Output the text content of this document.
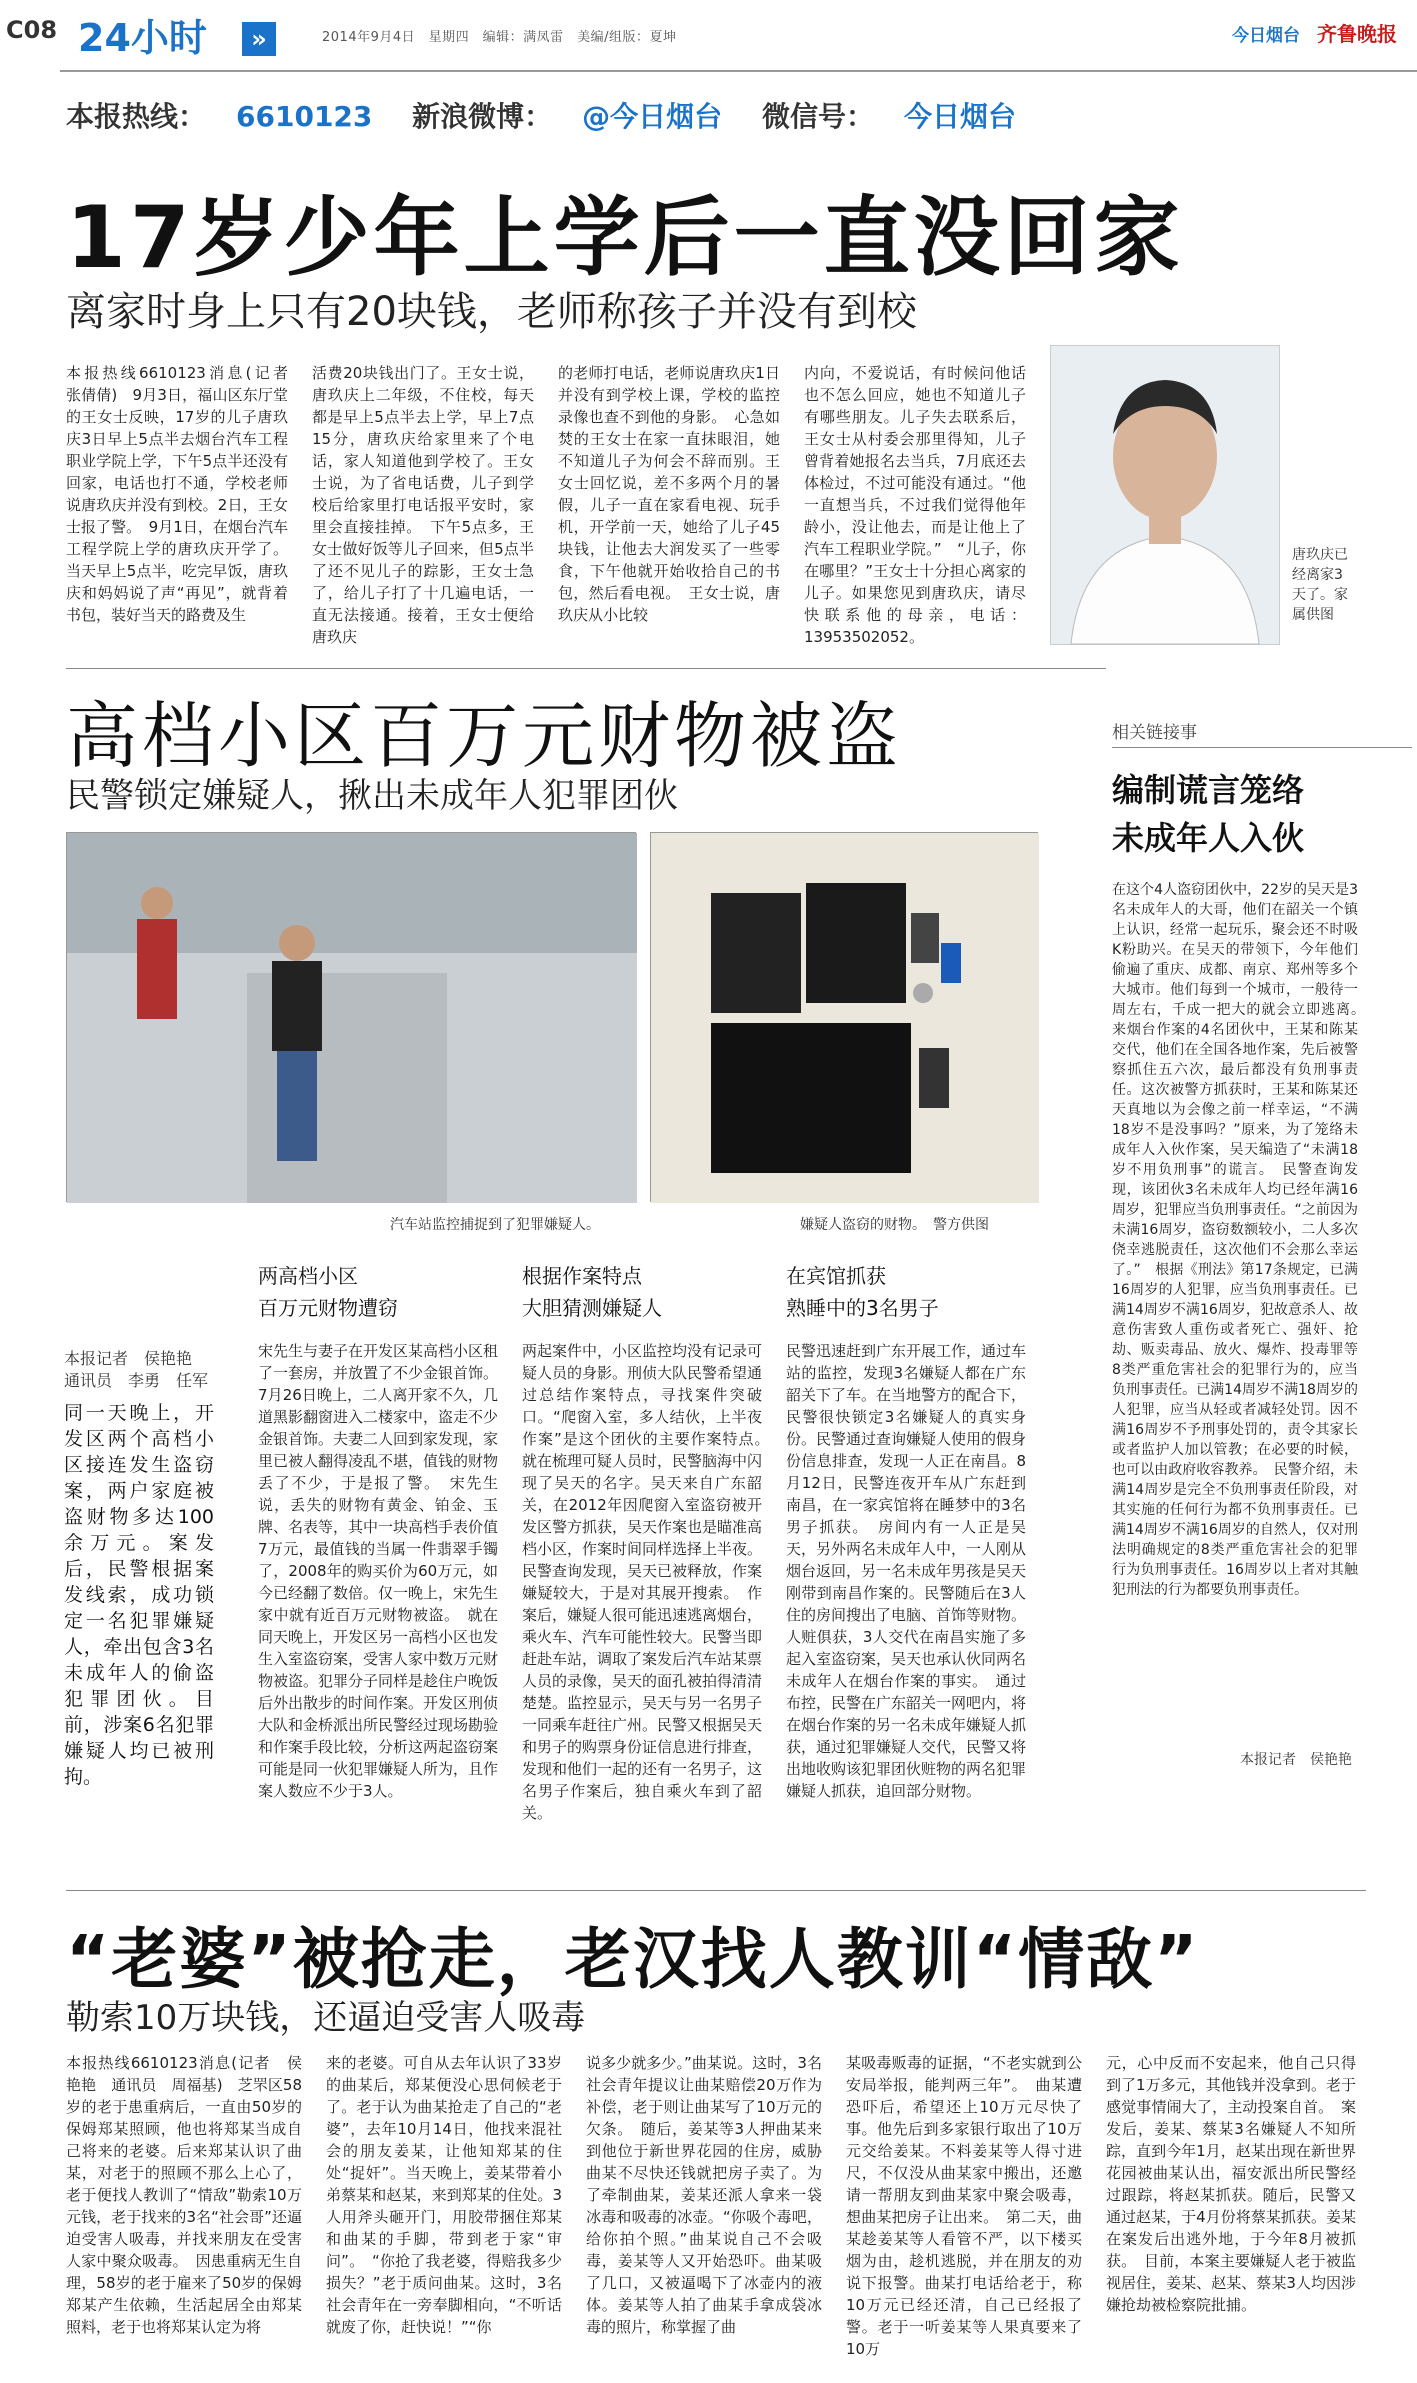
C08 24小时	»	2014年9月4日　星期四　编辑：满凤雷　美编/组版：夏坤	今日烟台 齐鲁晚报
本报热线： 6610123 新浪微博： @今日烟台 微信号： 今日烟台
17岁少年上学后一直没回家
离家时身上只有20块钱，老师称孩子并没有到校
本报热线6610123消息(记者　张倩倩)　9月3日，福山区东厅堂的王女士反映，17岁的儿子唐玖庆3日早上5点半去烟台汽车工程职业学院上学，下午5点半还没有回家，电话也打不通，学校老师说唐玖庆并没有到校。2日，王女士报了警。　9月1日，在烟台汽车工程学院上学的唐玖庆开学了。当天早上5点半，吃完早饭，唐玖庆和妈妈说了声“再见”，就背着书包，装好当天的路费及生
活费20块钱出门了。王女士说，唐玖庆上二年级，不住校，每天都是早上5点半去上学，早上7点15分，唐玖庆给家里来了个电话，家人知道他到学校了。王女士说，为了省电话费，儿子到学校后给家里打电话报平安时，家里会直接挂掉。　下午5点多，王女士做好饭等儿子回来，但5点半了还不见儿子的踪影，王女士急了，给儿子打了十几遍电话，一直无法接通。接着，王女士便给唐玖庆
的老师打电话，老师说唐玖庆1日并没有到学校上课，学校的监控录像也查不到他的身影。　心急如焚的王女士在家一直抹眼泪，她不知道儿子为何会不辞而别。王女士回忆说，差不多两个月的暑假，儿子一直在家看电视、玩手机，开学前一天，她给了儿子45块钱，让他去大润发买了一些零食，下午他就开始收拾自己的书包，然后看电视。　王女士说，唐玖庆从小比较
内向，不爱说话，有时候问他话也不怎么回应，她也不知道儿子有哪些朋友。儿子失去联系后，王女士从村委会那里得知，儿子曾背着她报名去当兵，7月底还去体检过，不过可能没有通过。“他一直想当兵，不过我们觉得他年龄小，没让他去，而是让他上了汽车工程职业学院。”　“儿子，你在哪里？”王女士十分担心离家的儿子。如果您见到唐玖庆，请尽快联系他的母亲，电话：13953502052。
唐玖庆已经离家3天了。家属供图
高档小区百万元财物被盗
民警锁定嫌疑人，揪出未成年人犯罪团伙
汽车站监控捕捉到了犯罪嫌疑人。	嫌疑人盗窃的财物。　警方供图
本报记者　侯艳艳　通讯员　李勇　任军
同一天晚上，开发区两个高档小区接连发生盗窃案，两户家庭被盗财物多达100余万元。案发后，民警根据案发线索，成功锁定一名犯罪嫌疑人，牵出包含3名未成年人的偷盗犯罪团伙。目前，涉案6名犯罪嫌疑人均已被刑拘。
两高档小区
百万元财物遭窃
宋先生与妻子在开发区某高档小区租了一套房，并放置了不少金银首饰。7月26日晚上，二人离开家不久，几道黑影翻窗进入二楼家中，盗走不少金银首饰。夫妻二人回到家发现，家里已被人翻得凌乱不堪，值钱的财物丢了不少，于是报了警。　宋先生说，丢失的财物有黄金、铂金、玉牌、名表等，其中一块高档手表价值7万元，最值钱的当属一件翡翠手镯了，2008年的购买价为60万元，如今已经翻了数倍。仅一晚上，宋先生家中就有近百万元财物被盗。　就在同天晚上，开发区另一高档小区也发生入室盗窃案，受害人家中数万元财物被盗。犯罪分子同样是趁住户晚饭后外出散步的时间作案。开发区刑侦大队和金桥派出所民警经过现场勘验和作案手段比较，分析这两起盗窃案可能是同一伙犯罪嫌疑人所为，且作案人数应不少于3人。
根据作案特点
大胆猜测嫌疑人
两起案件中，小区监控均没有记录可疑人员的身影。刑侦大队民警希望通过总结作案特点，寻找案件突破口。“爬窗入室，多人结伙，上半夜作案”是这个团伙的主要作案特点。　就在梳理可疑人员时，民警脑海中闪现了吴天的名字。吴天来自广东韶关，在2012年因爬窗入室盗窃被开发区警方抓获，吴天作案也是瞄准高档小区，作案时间同样选择上半夜。民警查询发现，吴天已被释放，作案嫌疑较大，于是对其展开搜索。　作案后，嫌疑人很可能迅速逃离烟台，乘火车、汽车可能性较大。民警当即赶赴车站，调取了案发后汽车站某票人员的录像，吴天的面孔被拍得清清楚楚。监控显示，吴天与另一名男子一同乘车赶往广州。民警又根据吴天和男子的购票身份证信息进行排查，发现和他们一起的还有一名男子，这名男子作案后，独自乘火车到了韶关。
在宾馆抓获
熟睡中的3名男子
民警迅速赶到广东开展工作，通过车站的监控，发现3名嫌疑人都在广东韶关下了车。在当地警方的配合下，民警很快锁定3名嫌疑人的真实身份。民警通过查询嫌疑人使用的假身份信息排查，发现一人正在南昌。8月12日，民警连夜开车从广东赶到南昌，在一家宾馆将在睡梦中的3名男子抓获。　房间内有一人正是吴天，另外两名未成年人中，一人刚从烟台返回，另一名未成年男孩是吴天刚带到南昌作案的。民警随后在3人住的房间搜出了电脑、首饰等财物。人赃俱获，3人交代在南昌实施了多起入室盗窃案，吴天也承认伙同两名未成年人在烟台作案的事实。　通过布控，民警在广东韶关一网吧内，将在烟台作案的另一名未成年嫌疑人抓获，通过犯罪嫌疑人交代，民警又将出地收购该犯罪团伙赃物的两名犯罪嫌疑人抓获，追回部分财物。
相关链接事
编制谎言笼络
未成年人入伙
在这个4人盗窃团伙中，22岁的吴天是3名未成年人的大哥，他们在韶关一个镇上认识，经常一起玩乐，聚会还不时吸K粉助兴。在吴天的带领下，今年他们偷遍了重庆、成都、南京、郑州等多个大城市。他们每到一个城市，一般待一周左右，千成一把大的就会立即逃离。　来烟台作案的4名团伙中，王某和陈某交代，他们在全国各地作案，先后被警察抓住五六次，最后都没有负刑事责任。这次被警方抓获时，王某和陈某还天真地以为会像之前一样幸运，“不满18岁不是没事吗？”原来，为了笼络未成年人入伙作案，吴天编造了“未满18岁不用负刑事”的谎言。　民警查询发现，该团伙3名未成年人均已经年满16周岁，犯罪应当负刑事责任。“之前因为未满16周岁，盗窃数额较小，二人多次侥幸逃脱责任，这次他们不会那么幸运了。”　根据《刑法》第17条规定，已满16周岁的人犯罪，应当负刑事责任。已满14周岁不满16周岁，犯故意杀人、故意伤害致人重伤或者死亡、强奸、抢劫、贩卖毒品、放火、爆炸、投毒罪等8类严重危害社会的犯罪行为的，应当负刑事责任。已满14周岁不满18周岁的人犯罪，应当从轻或者减轻处罚。因不满16周岁不予刑事处罚的，责令其家长或者监护人加以管教；在必要的时候，也可以由政府收容教养。　民警介绍，未满14周岁是完全不负刑事责任阶段，对其实施的任何行为都不负刑事责任。已满14周岁不满16周岁的自然人，仅对刑法明确规定的8类严重危害社会的犯罪行为负刑事责任。16周岁以上者对其触犯刑法的行为都要负刑事责任。
本报记者　侯艳艳
“老婆”被抢走，老汉找人教训“情敌”
勒索10万块钱，还逼迫受害人吸毒
本报热线6610123消息(记者　侯艳艳　通讯员　周福基)　芝罘区58岁的老于患重病后，一直由50岁的保姆郑某照顾，他也将郑某当成自己将来的老婆。后来郑某认识了曲某，对老于的照顾不那么上心了，老于便找人教训了“情敌”勒索10万元钱，老于找来的3名“社会哥”还逼迫受害人吸毒，并找来朋友在受害人家中聚众吸毒。　因患重病无生自理，58岁的老于雇来了50岁的保姆郑某产生依赖，生活起居全由郑某照料，老于也将郑某认定为将
来的老婆。可自从去年认识了33岁的曲某后，郑某便没心思伺候老于了。老于认为曲某抢走了自己的“老婆”，去年10月14日，他找来混社会的朋友姜某，让他知郑某的住处“捉奸”。当天晚上，姜某带着小弟蔡某和赵某，来到郑某的住处。3人用斧头砸开门，用胶带捆住郑某和曲某的手脚，带到老于家“审问”。　“你抢了我老婆，得赔我多少损失？”老于质问曲某。这时，3名社会青年在一旁奉脚相向，“不听话就废了你，赶快说！”“你
说多少就多少。”曲某说。这时，3名社会青年提议让曲某赔偿20万作为补偿，老于则让曲某写了10万元的欠条。　随后，姜某等3人押曲某来到他位于新世界花园的住房，威胁曲某不尽快还钱就把房子卖了。为了牵制曲某，姜某还派人拿来一袋冰毒和吸毒的冰壶。“你吸个毒吧，给你拍个照。”曲某说自己不会吸毒，姜某等人又开始恐吓。曲某吸了几口，又被逼喝下了冰壶内的液体。姜某等人拍了曲某手拿成袋冰毒的照片，称掌握了曲
某吸毒贩毒的证据，“不老实就到公安局举报，能判两三年”。　曲某遭恐吓后，希望还上10万元尽快了事。他先后到多家银行取出了10万元交给姜某。不料姜某等人得寸进尺，不仅没从曲某家中搬出，还邀请一帮朋友到曲某家中聚会吸毒，想曲某把房子让出来。　第二天，曲某趁姜某等人看管不严，以下楼买烟为由，趁机逃脱，并在朋友的劝说下报警。曲某打电话给老于，称10万元已经还清，自己已经报了警。老于一听姜某等人果真要来了10万
元，心中反而不安起来，他自己只得到了1万多元，其他钱并没拿到。老于感觉事情闹大了，主动投案自首。　案发后，姜某、蔡某3名嫌疑人不知所踪，直到今年1月，赵某出现在新世界花园被曲某认出，福安派出所民警经过跟踪，将赵某抓获。随后，民警又通过赵某，于4月份将蔡某抓获。姜某在案发后出逃外地，于今年8月被抓获。　目前，本案主要嫌疑人老于被监视居住，姜某、赵某、蔡某3人均因涉嫌抢劫被检察院批捕。
